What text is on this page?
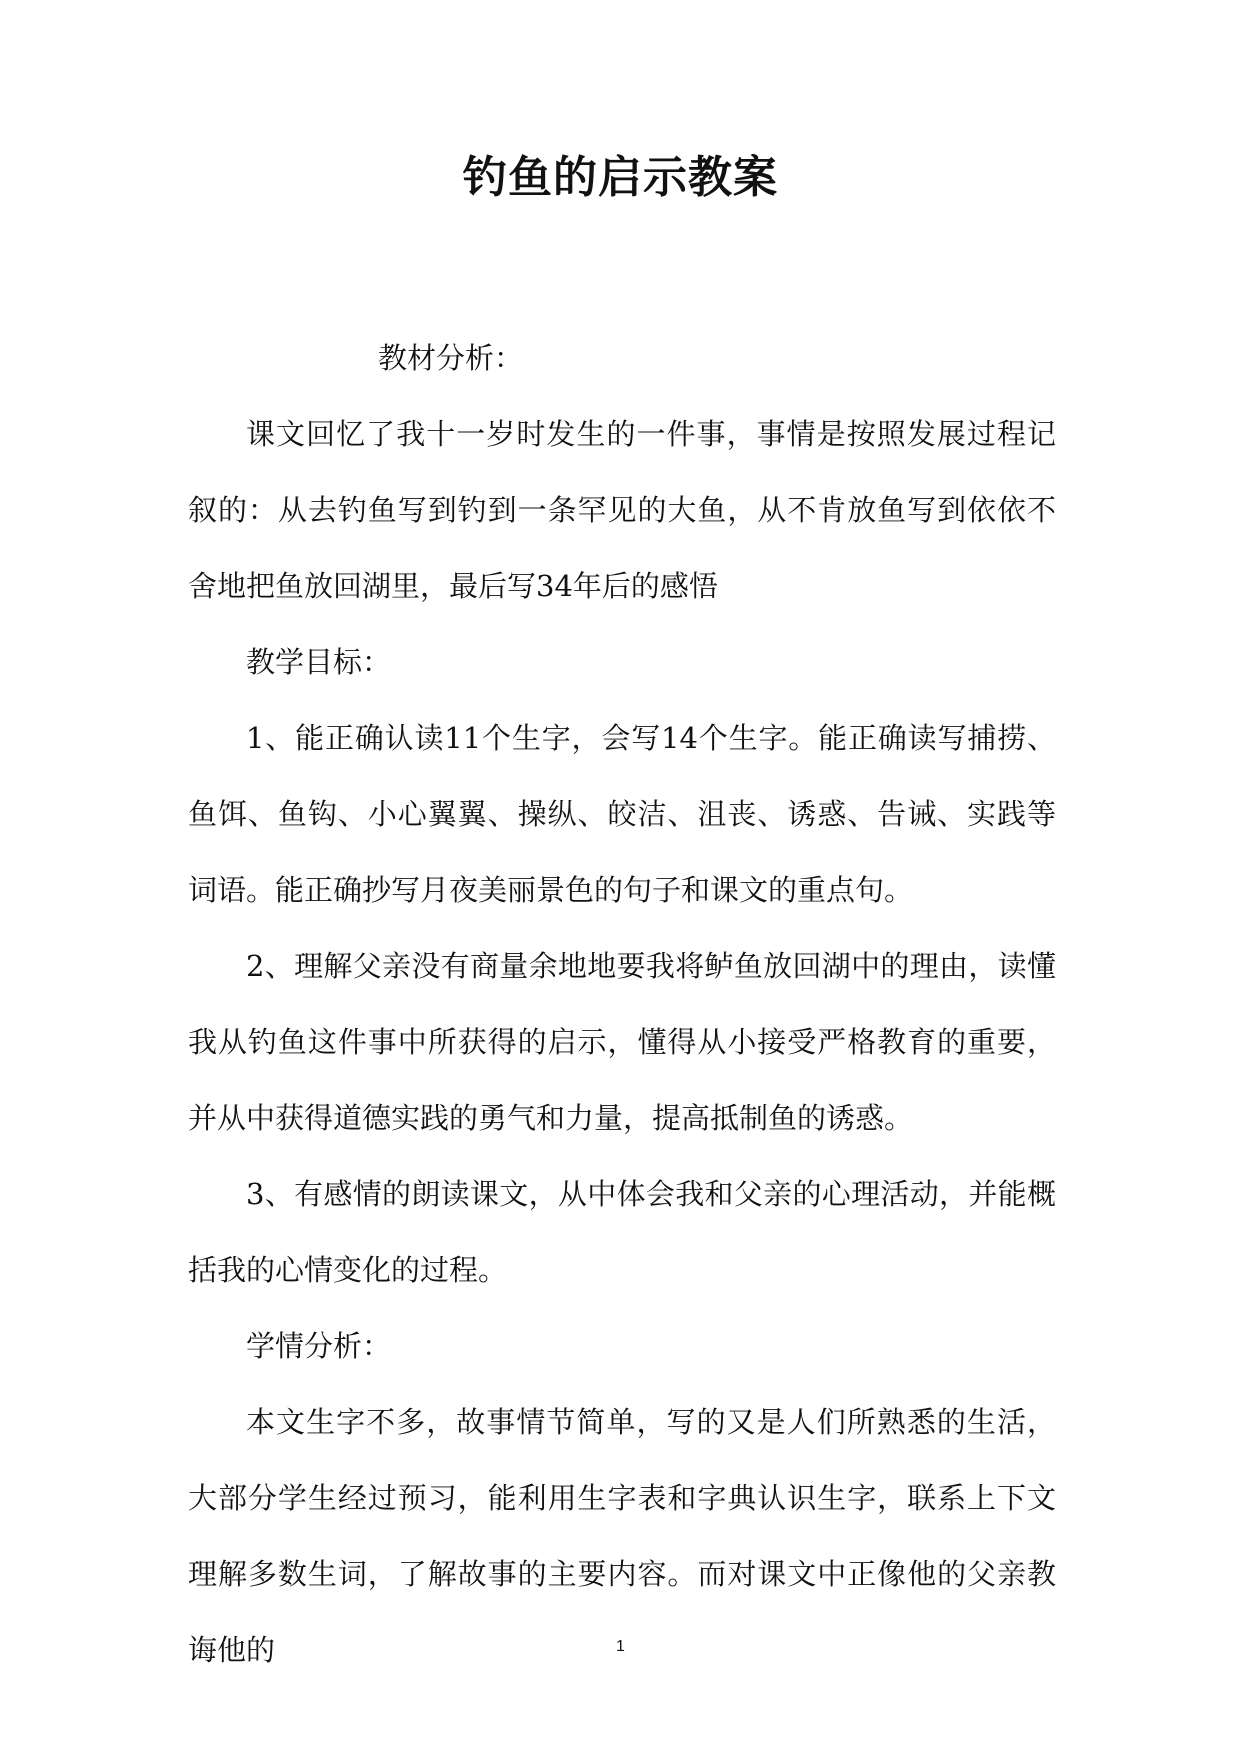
钓鱼的启示教案

教材分析：

课文回忆了我十一岁时发生的一件事，事情是按照发展过程记叙的：从去钓鱼写到钓到一条罕见的大鱼，从不肯放鱼写到依依不舍地把鱼放回湖里，最后写34年后的感悟

教学目标：

1、能正确认读11个生字，会写14个生字。能正确读写捕捞、鱼饵、鱼钩、小心翼翼、操纵、皎洁、沮丧、诱惑、告诫、实践等词语。能正确抄写月夜美丽景色的句子和课文的重点句。

2、理解父亲没有商量余地地要我将鲈鱼放回湖中的理由，读懂我从钓鱼这件事中所获得的启示，懂得从小接受严格教育的重要，并从中获得道德实践的勇气和力量，提高抵制鱼的诱惑。

3、有感情的朗读课文，从中体会我和父亲的心理活动，并能概括我的心情变化的过程。

学情分析：

本文生字不多，故事情节简单，写的又是人们所熟悉的生活，大部分学生经过预习，能利用生字表和字典认识生字，联系上下文理解多数生词，了解故事的主要内容。而对课文中正像他的父亲教诲他的	1
